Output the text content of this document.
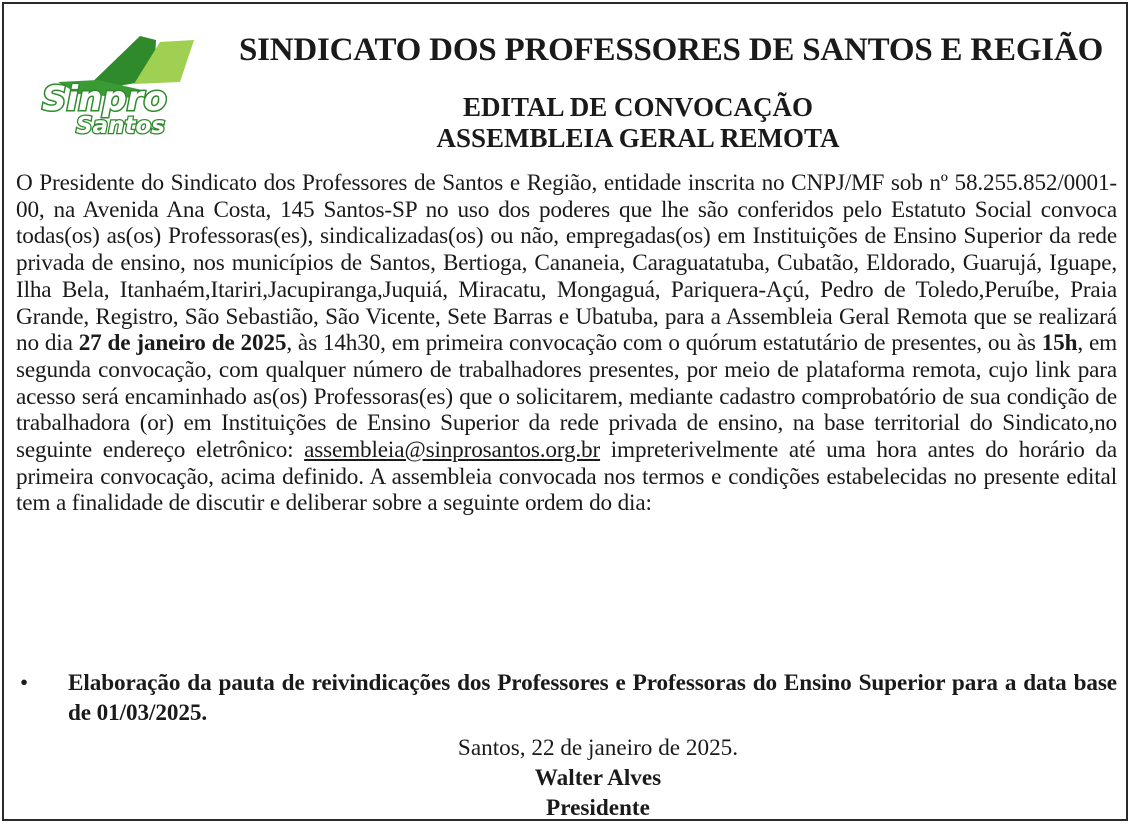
Sinpro
Santos
SINDICATO DOS PROFESSORES DE SANTOS E REGIÃO
EDITAL DE CONVOCAÇÃO
ASSEMBLEIA GERAL REMOTA
O Presidente do Sindicato dos Professores de Santos e Região, entidade inscrita no CNPJ/MF sob nº 58.255.852/0001-00, na Avenida Ana Costa, 145 Santos-SP no uso dos poderes que lhe são conferidos pelo Estatuto Social convoca todas(os) as(os) Professoras(es), sindicalizadas(os) ou não, empregadas(os) em Instituições de Ensino Superior da rede privada de ensino, nos municípios de Santos, Bertioga, Cananeia, Caraguatatuba, Cubatão, Eldorado, Guarujá, Iguape, Ilha Bela, Itanhaém,Itariri,Jacupiranga,Juquiá, Miracatu, Mongaguá, Pariquera-Açú, Pedro de Toledo,Peruíbe, Praia Grande, Registro, São Sebastião, São Vicente, Sete Barras e Ubatuba, para a Assembleia Geral Remota que se realizará no dia 27 de janeiro de 2025, às 14h30, em primeira convocação com o quórum estatutário de presentes, ou às 15h, em segunda convocação, com qualquer número de trabalhadores presentes, por meio de plataforma remota, cujo link para acesso será encaminhado as(os) Professoras(es) que o solicitarem, mediante cadastro comprobatório de sua condição de trabalhadora (or) em Instituições de Ensino Superior da rede privada de ensino, na base territorial do Sindicato,no seguinte endereço eletrônico: assembleia@sinprosantos.org.br impreterivelmente até uma hora antes do horário da primeira convocação, acima definido. A assembleia convocada nos termos e condições estabelecidas no presente edital tem a finalidade de discutir e deliberar sobre a seguinte ordem do dia:
• Elaboração da pauta de reivindicações dos Professores e Professoras do Ensino Superior para a data base de 01/03/2025.
Santos, 22 de janeiro de 2025.
Walter Alves
Presidente
